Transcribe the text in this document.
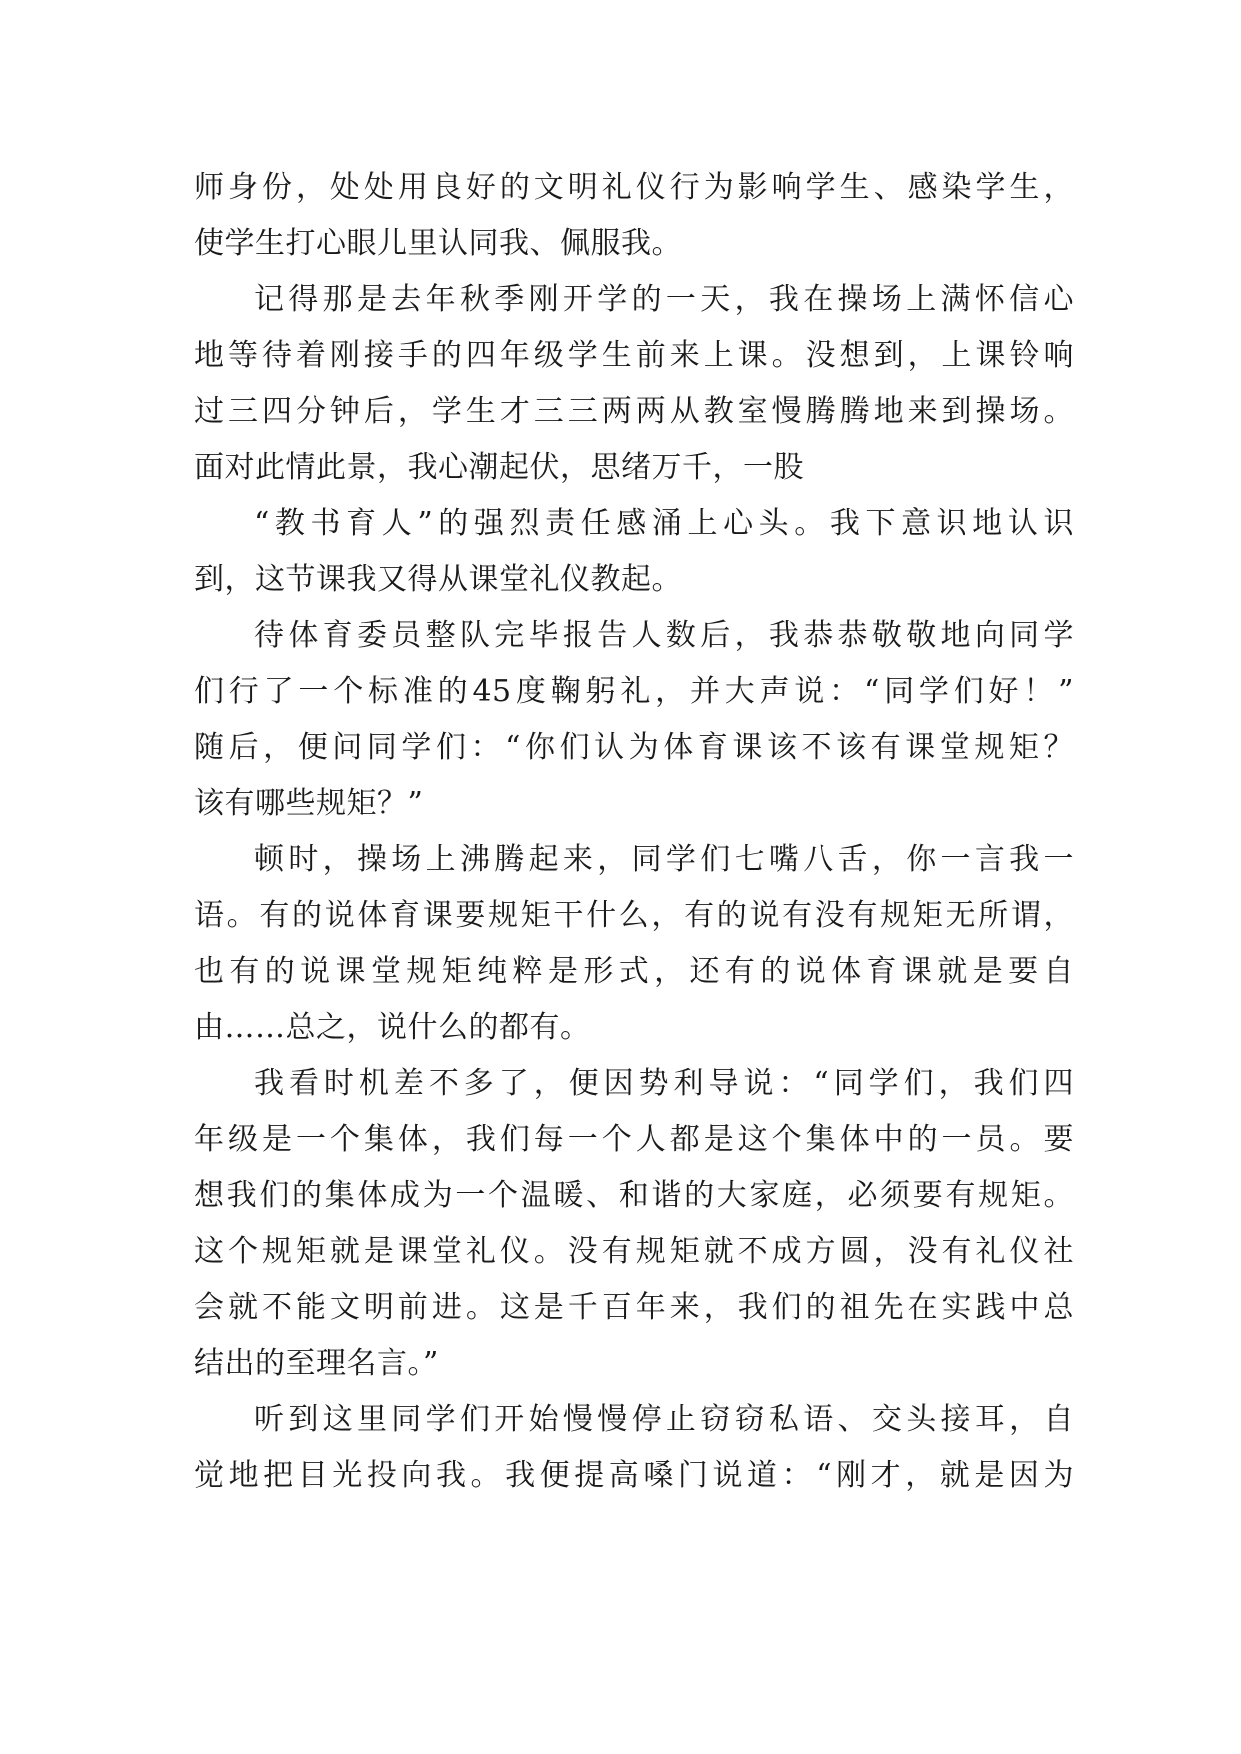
师身份，处处用良好的文明礼仪行为影响学生、感染学生，
使学生打心眼儿里认同我、佩服我。
记得那是去年秋季刚开学的一天，我在操场上满怀信心
地等待着刚接手的四年级学生前来上课。没想到，上课铃响
过三四分钟后，学生才三三两两从教室慢腾腾地来到操场。
面对此情此景，我心潮起伏，思绪万千，一股
“教书育人”的强烈责任感涌上心头。我下意识地认识
到，这节课我又得从课堂礼仪教起。
待体育委员整队完毕报告人数后，我恭恭敬敬地向同学
们行了一个标准的45度鞠躬礼，并大声说：“同学们好！”
随后，便问同学们：“你们认为体育课该不该有课堂规矩？
该有哪些规矩？”
顿时，操场上沸腾起来，同学们七嘴八舌，你一言我一
语。有的说体育课要规矩干什么，有的说有没有规矩无所谓，
也有的说课堂规矩纯粹是形式，还有的说体育课就是要自
由……总之，说什么的都有。
我看时机差不多了，便因势利导说：“同学们，我们四
年级是一个集体，我们每一个人都是这个集体中的一员。要
想我们的集体成为一个温暖、和谐的大家庭，必须要有规矩。
这个规矩就是课堂礼仪。没有规矩就不成方圆，没有礼仪社
会就不能文明前进。这是千百年来，我们的祖先在实践中总
结出的至理名言。”
听到这里同学们开始慢慢停止窃窃私语、交头接耳，自
觉地把目光投向我。我便提高嗓门说道：“刚才，就是因为
